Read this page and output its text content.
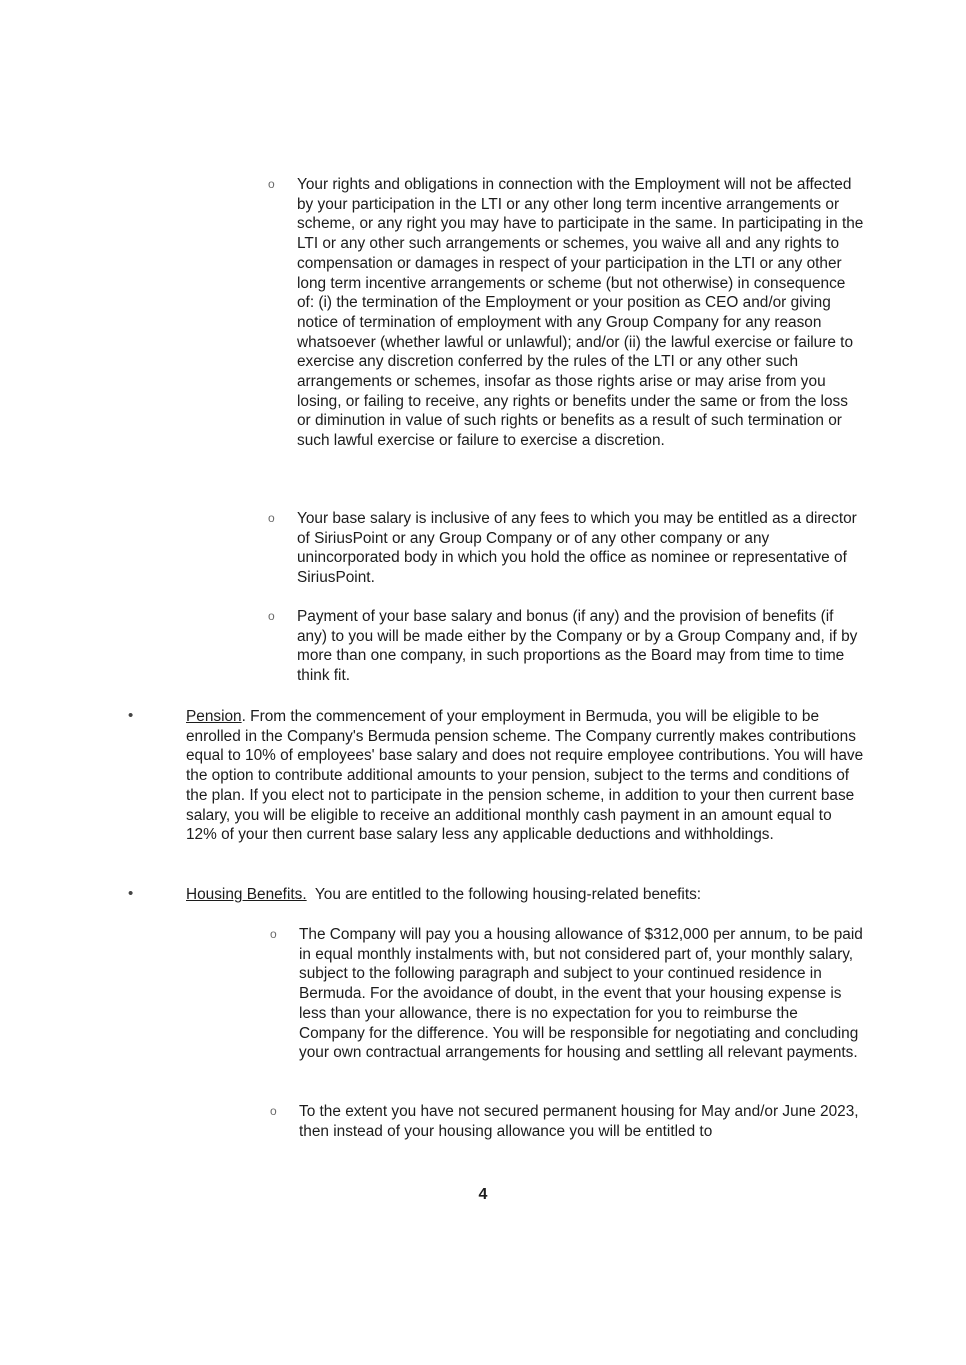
o Your rights and obligations in connection with the Employment will not be affected by your participation in the LTI or any other long term incentive arrangements or scheme, or any right you may have to participate in the same. In participating in the LTI or any other such arrangements or schemes, you waive all and any rights to compensation or damages in respect of your participation in the LTI or any other long term incentive arrangements or scheme (but not otherwise) in consequence of: (i) the termination of the Employment or your position as CEO and/or giving notice of termination of employment with any Group Company for any reason whatsoever (whether lawful or unlawful); and/or (ii) the lawful exercise or failure to exercise any discretion conferred by the rules of the LTI or any other such arrangements or schemes, insofar as those rights arise or may arise from you losing, or failing to receive, any rights or benefits under the same or from the loss or diminution in value of such rights or benefits as a result of such termination or such lawful exercise or failure to exercise a discretion.
o Your base salary is inclusive of any fees to which you may be entitled as a director of SiriusPoint or any Group Company or of any other company or any unincorporated body in which you hold the office as nominee or representative of SiriusPoint.
o Payment of your base salary and bonus (if any) and the provision of benefits (if any) to you will be made either by the Company or by a Group Company and, if by more than one company, in such proportions as the Board may from time to time think fit.
•	Pension. From the commencement of your employment in Bermuda, you will be eligible to be enrolled in the Company's Bermuda pension scheme. The Company currently makes contributions equal to 10% of employees' base salary and does not require employee contributions. You will have the option to contribute additional amounts to your pension, subject to the terms and conditions of the plan. If you elect not to participate in the pension scheme, in addition to your then current base salary, you will be eligible to receive an additional monthly cash payment in an amount equal to 12% of your then current base salary less any applicable deductions and withholdings.
•	Housing Benefits.  You are entitled to the following housing-related benefits:
o The Company will pay you a housing allowance of $312,000 per annum, to be paid in equal monthly instalments with, but not considered part of, your monthly salary, subject to the following paragraph and subject to your continued residence in Bermuda. For the avoidance of doubt, in the event that your housing expense is less than your allowance, there is no expectation for you to reimburse the Company for the difference. You will be responsible for negotiating and concluding your own contractual arrangements for housing and settling all relevant payments.
o To the extent you have not secured permanent housing for May and/or June 2023, then instead of your housing allowance you will be entitled to
4
